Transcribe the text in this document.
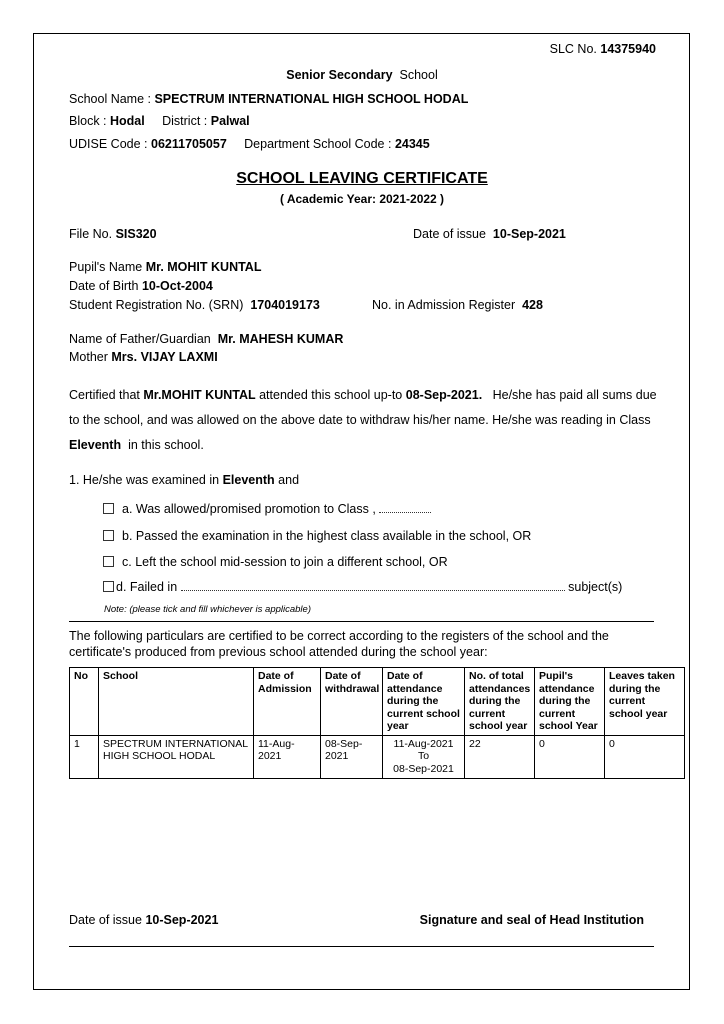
SLC No. 14375940
Senior Secondary School
School Name : SPECTRUM INTERNATIONAL HIGH SCHOOL HODAL
Block : Hodal District : Palwal
UDISE Code : 06211705057 Department School Code : 24345
SCHOOL LEAVING CERTIFICATE
( Academic Year: 2021-2022 )
File No. SIS320	Date of issue 10-Sep-2021
Pupil's Name Mr. MOHIT KUNTAL
Date of Birth 10-Oct-2004
Student Registration No. (SRN) 1704019173	No. in Admission Register 428
Name of Father/Guardian Mr. MAHESH KUMAR
Mother Mrs. VIJAY LAXMI
Certified that Mr.MOHIT KUNTAL attended this school up-to 08-Sep-2021. He/she has paid all sums due to the school, and was allowed on the above date to withdraw his/her name. He/she was reading in Class  Eleventh in this school.
1. He/she was examined in Eleventh and
a. Was allowed/promised promotion to Class ,
b. Passed the examination in the highest class available in the school, OR
c. Left the school mid-session to join a different school, OR
d. Failed in	subject(s)
Note: (please tick and fill whichever is applicable)
The following particulars are certified to be correct according to the registers of the school and the certificate's produced from previous school attended during the school year:
No	School	Date of Admission	Date of withdrawal	Date of attendance during the current school year	No. of total attendances during the current school year	Pupil's attendance during the current school Year	Leaves taken during the current school year
1	SPECTRUM INTERNATIONAL HIGH SCHOOL HODAL	11-Aug-2021	08-Sep-2021	11-Aug-2021
To
08-Sep-2021	22	0	0
Date of issue 10-Sep-2021	Signature and seal of Head Institution
